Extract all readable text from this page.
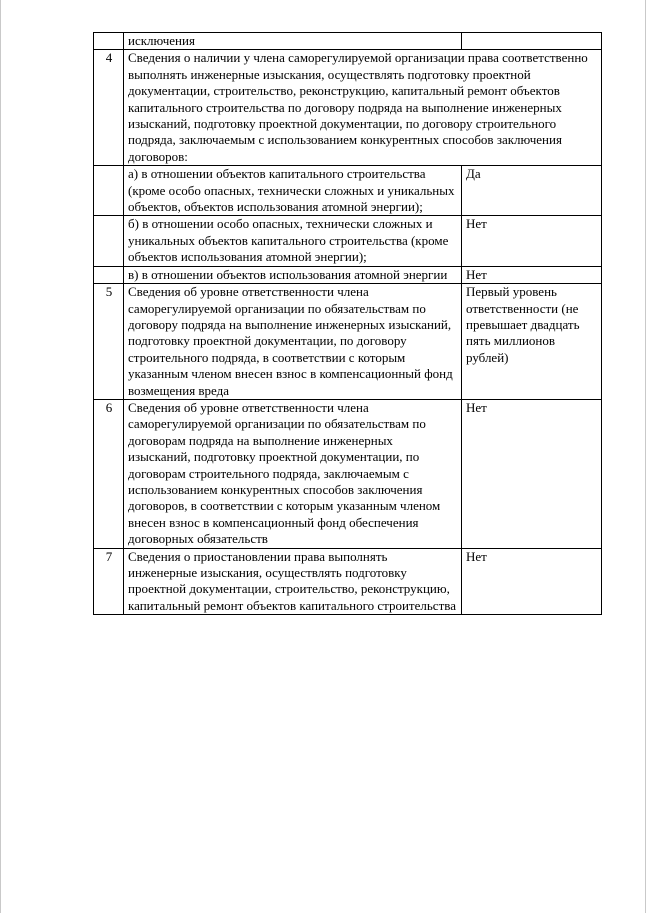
	исключения	
4	Сведения о наличии у члена саморегулируемой организации права соответственно выполнять инженерные изыскания, осуществлять подготовку проектной документации, строительство, реконструкцию, капитальный ремонт объектов капитального строительства по договору подряда на выполнение инженерных изысканий, подготовку проектной документации, по договору строительного подряда, заключаемым с использованием конкурентных способов заключения договоров:	
	а) в отношении объектов капитального строительства (кроме особо опасных, технически сложных и уникальных объектов, объектов использования атомной энергии);	Да
	б) в отношении особо опасных, технически сложных и уникальных объектов капитального строительства (кроме объектов использования атомной энергии);	Нет
	в) в отношении объектов использования атомной энергии	Нет
5	Сведения об уровне ответственности члена саморегулируемой организации по обязательствам по договору подряда на выполнение инженерных изысканий, подготовку проектной документации, по договору строительного подряда, в соответствии с которым указанным членом внесен взнос в компенсационный фонд возмещения вреда	Первый уровень ответственности (не превышает двадцать пять миллионов рублей)
6	Сведения об уровне ответственности члена саморегулируемой организации по обязательствам по договорам подряда на выполнение инженерных изысканий, подготовку проектной документации, по договорам строительного подряда, заключаемым с использованием конкурентных способов заключения договоров, в соответствии с которым указанным членом внесен взнос в компенсационный фонд обеспечения договорных обязательств	Нет
7	Сведения о приостановлении права выполнять инженерные изыскания, осуществлять подготовку проектной документации, строительство, реконструкцию, капитальный ремонт объектов капитального строительства	Нет
